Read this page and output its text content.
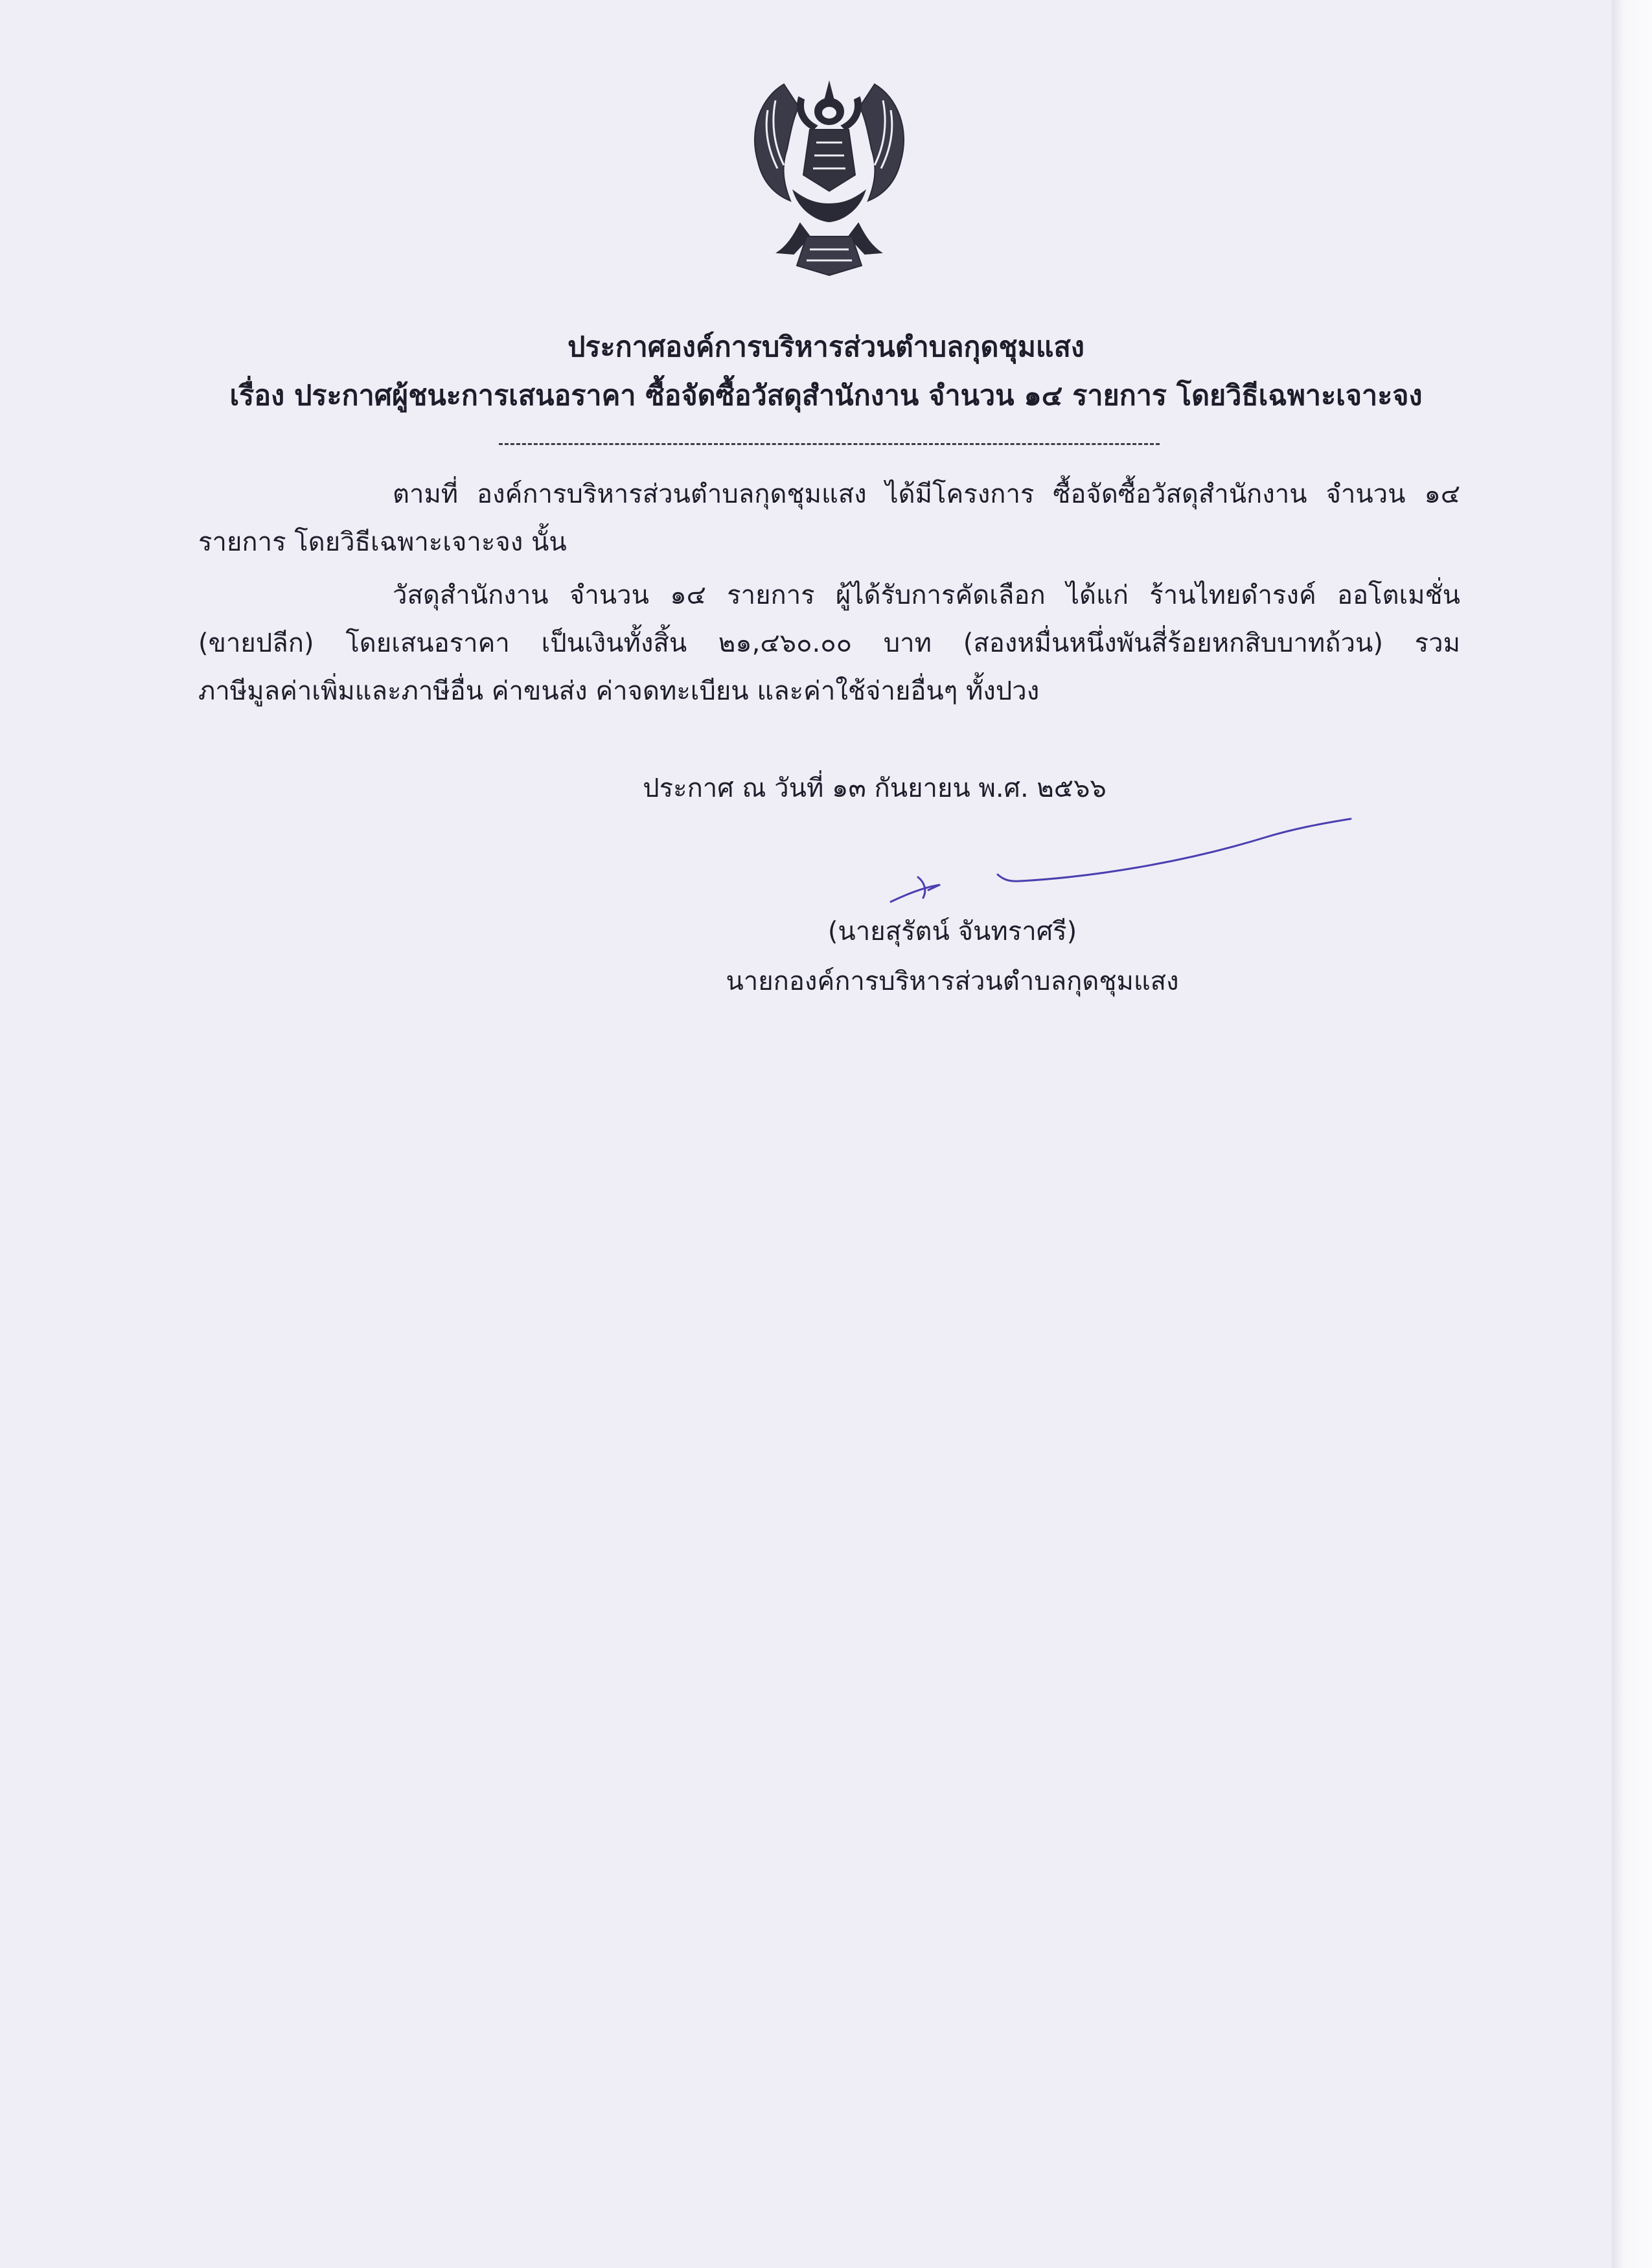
ประกาศองค์การบริหารส่วนตำบลกุดชุมแสง
เรื่อง ประกาศผู้ชนะการเสนอราคา ซื้อจัดซื้อวัสดุสำนักงาน จำนวน ๑๔ รายการ โดยวิธีเฉพาะเจาะจง
ตามที่ องค์การบริหารส่วนตำบลกุดชุมแสง ได้มีโครงการ ซื้อจัดซื้อวัสดุสำนักงาน จำนวน ๑๔
รายการ โดยวิธีเฉพาะเจาะจง นั้น
วัสดุสำนักงาน จำนวน ๑๔ รายการ ผู้ได้รับการคัดเลือก ได้แก่ ร้านไทยดำรงค์ ออโตเมชั่น
(ขายปลีก) โดยเสนอราคา เป็นเงินทั้งสิ้น ๒๑,๔๖๐.๐๐ บาท (สองหมื่นหนึ่งพันสี่ร้อยหกสิบบาทถ้วน) รวม
ภาษีมูลค่าเพิ่มและภาษีอื่น ค่าขนส่ง ค่าจดทะเบียน และค่าใช้จ่ายอื่นๆ ทั้งปวง
ประกาศ ณ วันที่ ๑๓ กันยายน พ.ศ. ๒๕๖๖
(นายสุรัตน์ จันทราศรี)
นายกองค์การบริหารส่วนตำบลกุดชุมแสง
